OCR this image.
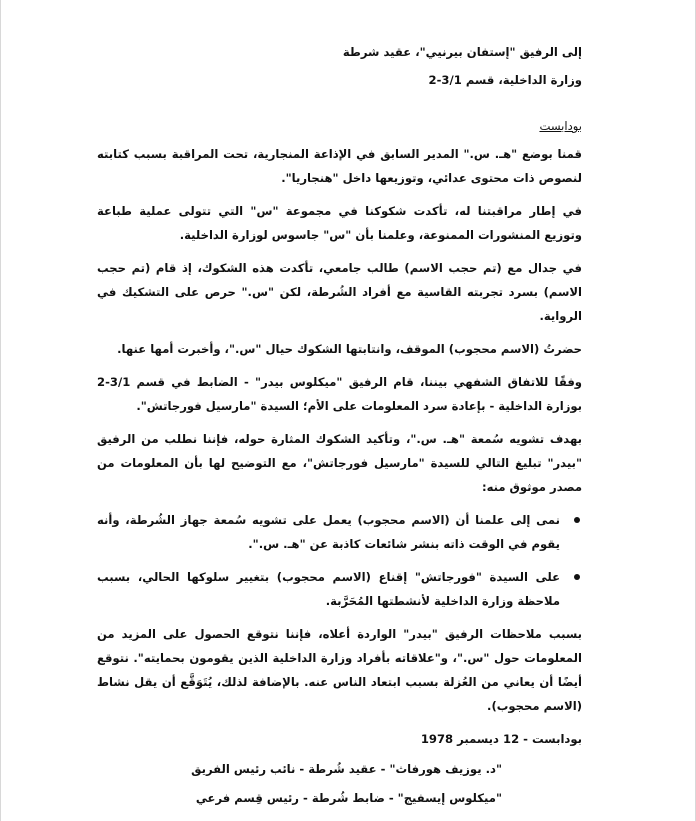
إلى الرفيق "إستفان بيرنيي"، عقيد شرطة

وزارة الداخلية، قسم 3/1-2

بودابست

قمنا بوضع "هـ. س." المدير السابق في الإذاعة المنجارية، تحت المراقبة بسبب كتابته لنصوص ذات محتوى عدائي، وتوزيعها داخل "هنجاريا".

في إطار مراقبتنا له، تأكدت شكوكنا في مجموعة "س" التي تتولى عملية طباعة وتوزيع المنشورات الممنوعة، وعلمنا بأن "س" جاسوس لوزارة الداخلية.

في جدال مع (تم حجب الاسم) طالب جامعي، تأكدت هذه الشكوك، إذ قام (تم حجب الاسم) بسرد تجربته القاسية مع أفراد الشُرطة، لكن "س." حرص على التشكيك في الرواية.

حضرتُ (الاسم محجوب) الموقف، وانتابتها الشكوك حيال "س."، وأخبرت أمها عنها.

وفقًا للاتفاق الشفهي بيننا، قام الرفيق "ميكلوس بيدر" - الضابط في قسم 3/1-2 بوزارة الداخلية - بإعادة سرد المعلومات على الأم؛ السيدة "مارسيل فورجاتش".

بهدف تشويه سُمعة "هـ. س."، وتأكيد الشكوك المثارة حوله، فإننا نطلب من الرفيق "بيدر" تبليغ التالي للسيدة "مارسيل فورجاتش"، مع التوضيح لها بأن المعلومات من مصدر موثوق منه:

نمى إلى علمنا أن (الاسم محجوب) يعمل على تشويه سُمعة جهاز الشُرطة، وأنه يقوم في الوقت ذاته بنشر شائعات كاذبة عن "هـ. س.".
على السيدة "فورجاتش" إقناع (الاسم محجوب) بتغيير سلوكها الحالي، بسبب ملاحظة وزارة الداخلية لأنشطتها المُحَرَّبة.

بسبب ملاحظات الرفيق "بيدر" الواردة أعلاه، فإننا نتوقع الحصول على المزيد من المعلومات حول "س."، و"علاقاته بأفراد وزارة الداخلية الذين يقومون بحمايته". نتوقع أيضًا أن يعاني من العُزلة بسبب ابتعاد الناس عنه. بالإضافة لذلك، يُتَوَقَّع أن يقل نشاط (الاسم محجوب).

بودابست - 12 ديسمبر 1978

"د. يوزيف هورفاث" - عقيد شُرطة - نائب رئيس الفريق

"ميكلوس إيسفيج" - ضابط شُرطة - رئيس قِسم فرعي
